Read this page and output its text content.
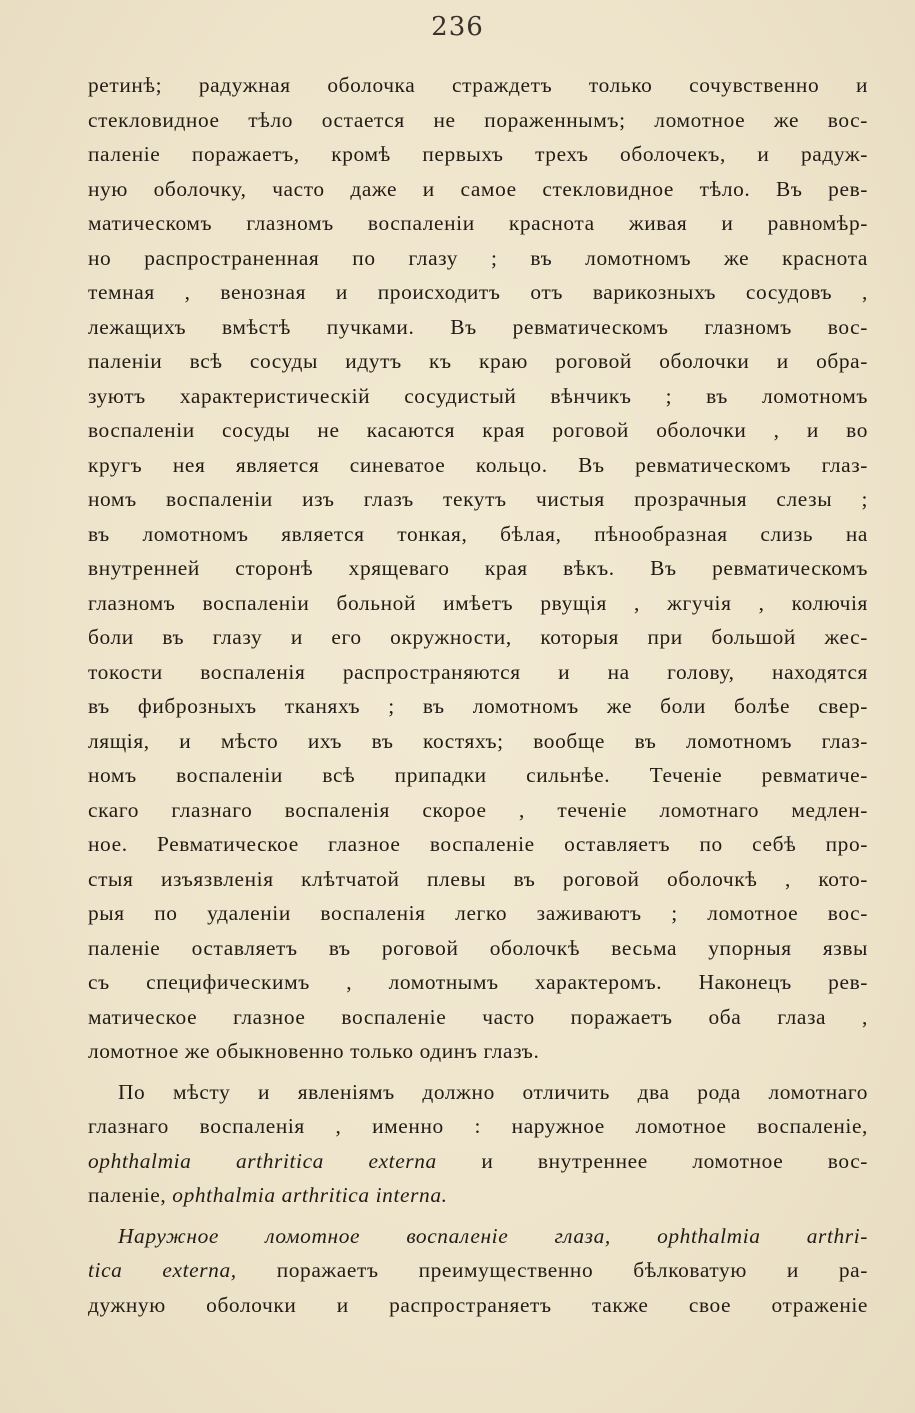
236
ретинѣ; радужная оболочка страждетъ только сочувственно и
стекловидное тѣло остается не пораженнымъ; ломотное же вос-
паленіе поражаетъ, кромѣ первыхъ трехъ оболочекъ, и радуж-
ную оболочку, часто даже и самое стекловидное тѣло. Въ рев-
матическомъ глазномъ воспаленіи краснота живая и равномѣр-
но распространенная по глазу ; въ ломотномъ же краснота
темная , венозная и происходитъ отъ варикозныхъ сосудовъ ,
лежащихъ вмѣстѣ пучками. Въ ревматическомъ глазномъ вос-
паленіи всѣ сосуды идутъ къ краю роговой оболочки и обра-
зуютъ характеристическій сосудистый вѣнчикъ ; въ ломотномъ
воспаленіи сосуды не касаются края роговой оболочки , и во
кругъ нея является синеватое кольцо. Въ ревматическомъ глаз-
номъ воспаленіи изъ глазъ текутъ чистыя прозрачныя слезы ;
въ ломотномъ является тонкая, бѣлая, пѣнообразная слизь на
внутренней сторонѣ хрящеваго края вѣкъ. Въ ревматическомъ
глазномъ воспаленіи больной имѣетъ рвущія , жгучія , колючія
боли въ глазу и его окружности, которыя при большой жес-
токости воспаленія распространяются и на голову, находятся
въ фиброзныхъ тканяхъ ; въ ломотномъ же боли болѣе свер-
лящія, и мѣсто ихъ въ костяхъ; вообще въ ломотномъ глаз-
номъ воспаленіи всѣ припадки сильнѣе. Теченіе ревматиче-
скаго глазнаго воспаленія скорое , теченіе ломотнаго медлен-
ное. Ревматическое глазное воспаленіе оставляетъ по себѣ про-
стыя изъязвленія клѣтчатой плевы въ роговой оболочкѣ , кото-
рыя по удаленіи воспаленія легко заживаютъ ; ломотное вос-
паленіе оставляетъ въ роговой оболочкѣ весьма упорныя язвы
съ специфическимъ , ломотнымъ характеромъ. Наконецъ рев-
матическое глазное воспаленіе часто поражаетъ оба глаза ,
ломотное же обыкновенно только одинъ глазъ.
По мѣсту и явленіямъ должно отличить два рода ломотнаго
глазнаго воспаленія , именно : наружное ломотное воспаленіе,
ophthalmia arthritica externa и внутреннее ломотное вос-
паленіе, ophthalmia arthritica interna.
Наружное ломотное воспаленіе глаза, ophthalmia arthri-
tica externa, поражаетъ преимущественно бѣлковатую и ра-
дужную оболочки и распространяетъ также свое отраженіе
